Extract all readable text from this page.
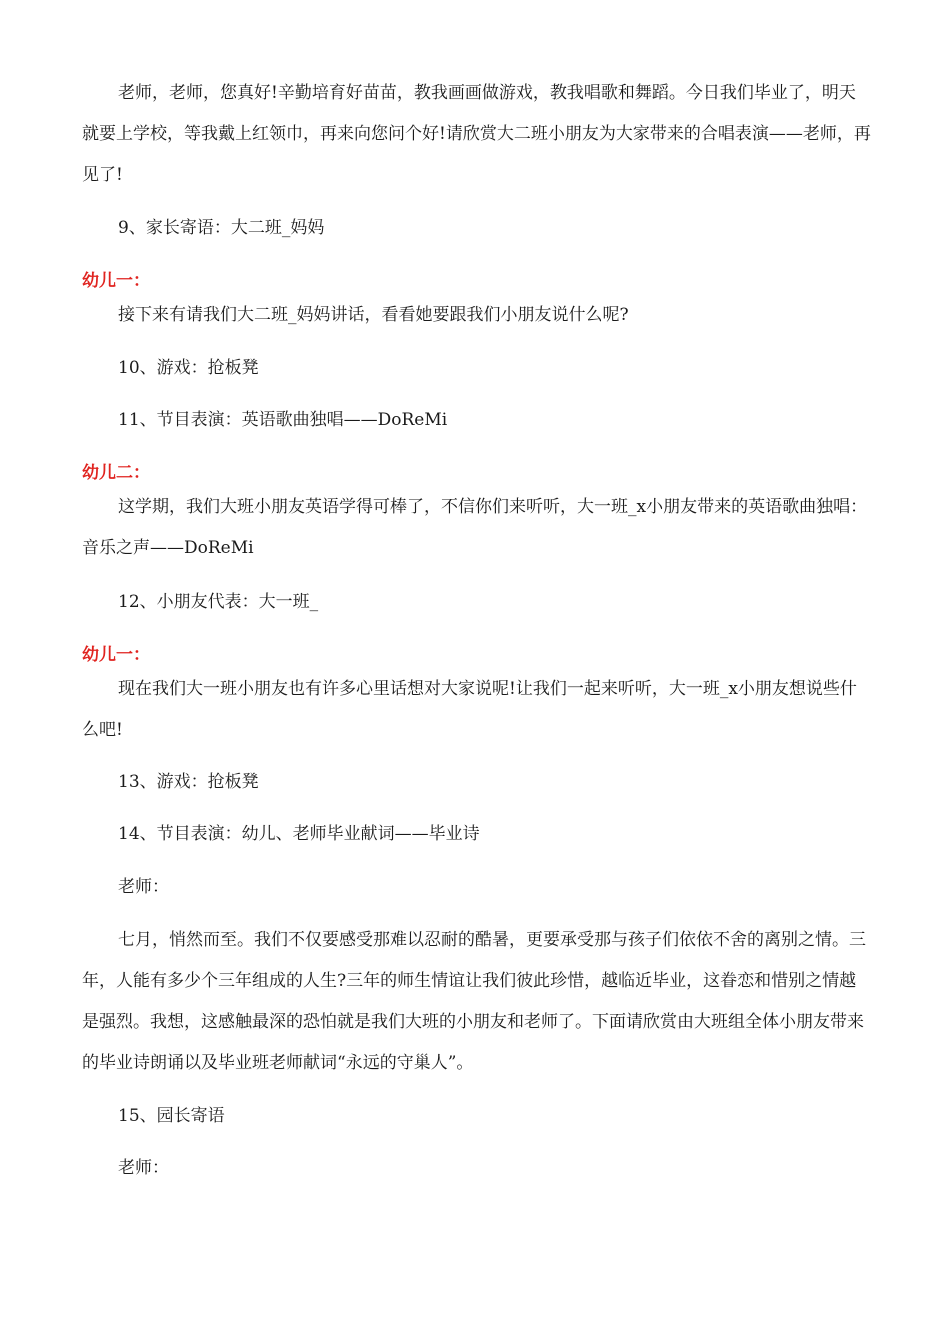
老师，老师，您真好!辛勤培育好苗苗，教我画画做游戏，教我唱歌和舞蹈。今日我们毕业了，明天就要上学校，等我戴上红领巾，再来向您问个好!请欣赏大二班小朋友为大家带来的合唱表演——老师，再见了!
9、家长寄语：大二班_妈妈
幼儿一：
接下来有请我们大二班_妈妈讲话，看看她要跟我们小朋友说什么呢?
10、游戏：抢板凳
11、节目表演：英语歌曲独唱——DoReMi
幼儿二：
这学期，我们大班小朋友英语学得可棒了，不信你们来听听，大一班_x小朋友带来的英语歌曲独唱：音乐之声——DoReMi
12、小朋友代表：大一班_
幼儿一：
现在我们大一班小朋友也有许多心里话想对大家说呢!让我们一起来听听，大一班_x小朋友想说些什么吧!
13、游戏：抢板凳
14、节目表演：幼儿、老师毕业献词——毕业诗
老师：
七月，悄然而至。我们不仅要感受那难以忍耐的酷暑，更要承受那与孩子们依依不舍的离别之情。三年，人能有多少个三年组成的人生?三年的师生情谊让我们彼此珍惜，越临近毕业，这眷恋和惜别之情越是强烈。我想，这感触最深的恐怕就是我们大班的小朋友和老师了。下面请欣赏由大班组全体小朋友带来的毕业诗朗诵以及毕业班老师献词“永远的守巢人”。
15、园长寄语
老师：
